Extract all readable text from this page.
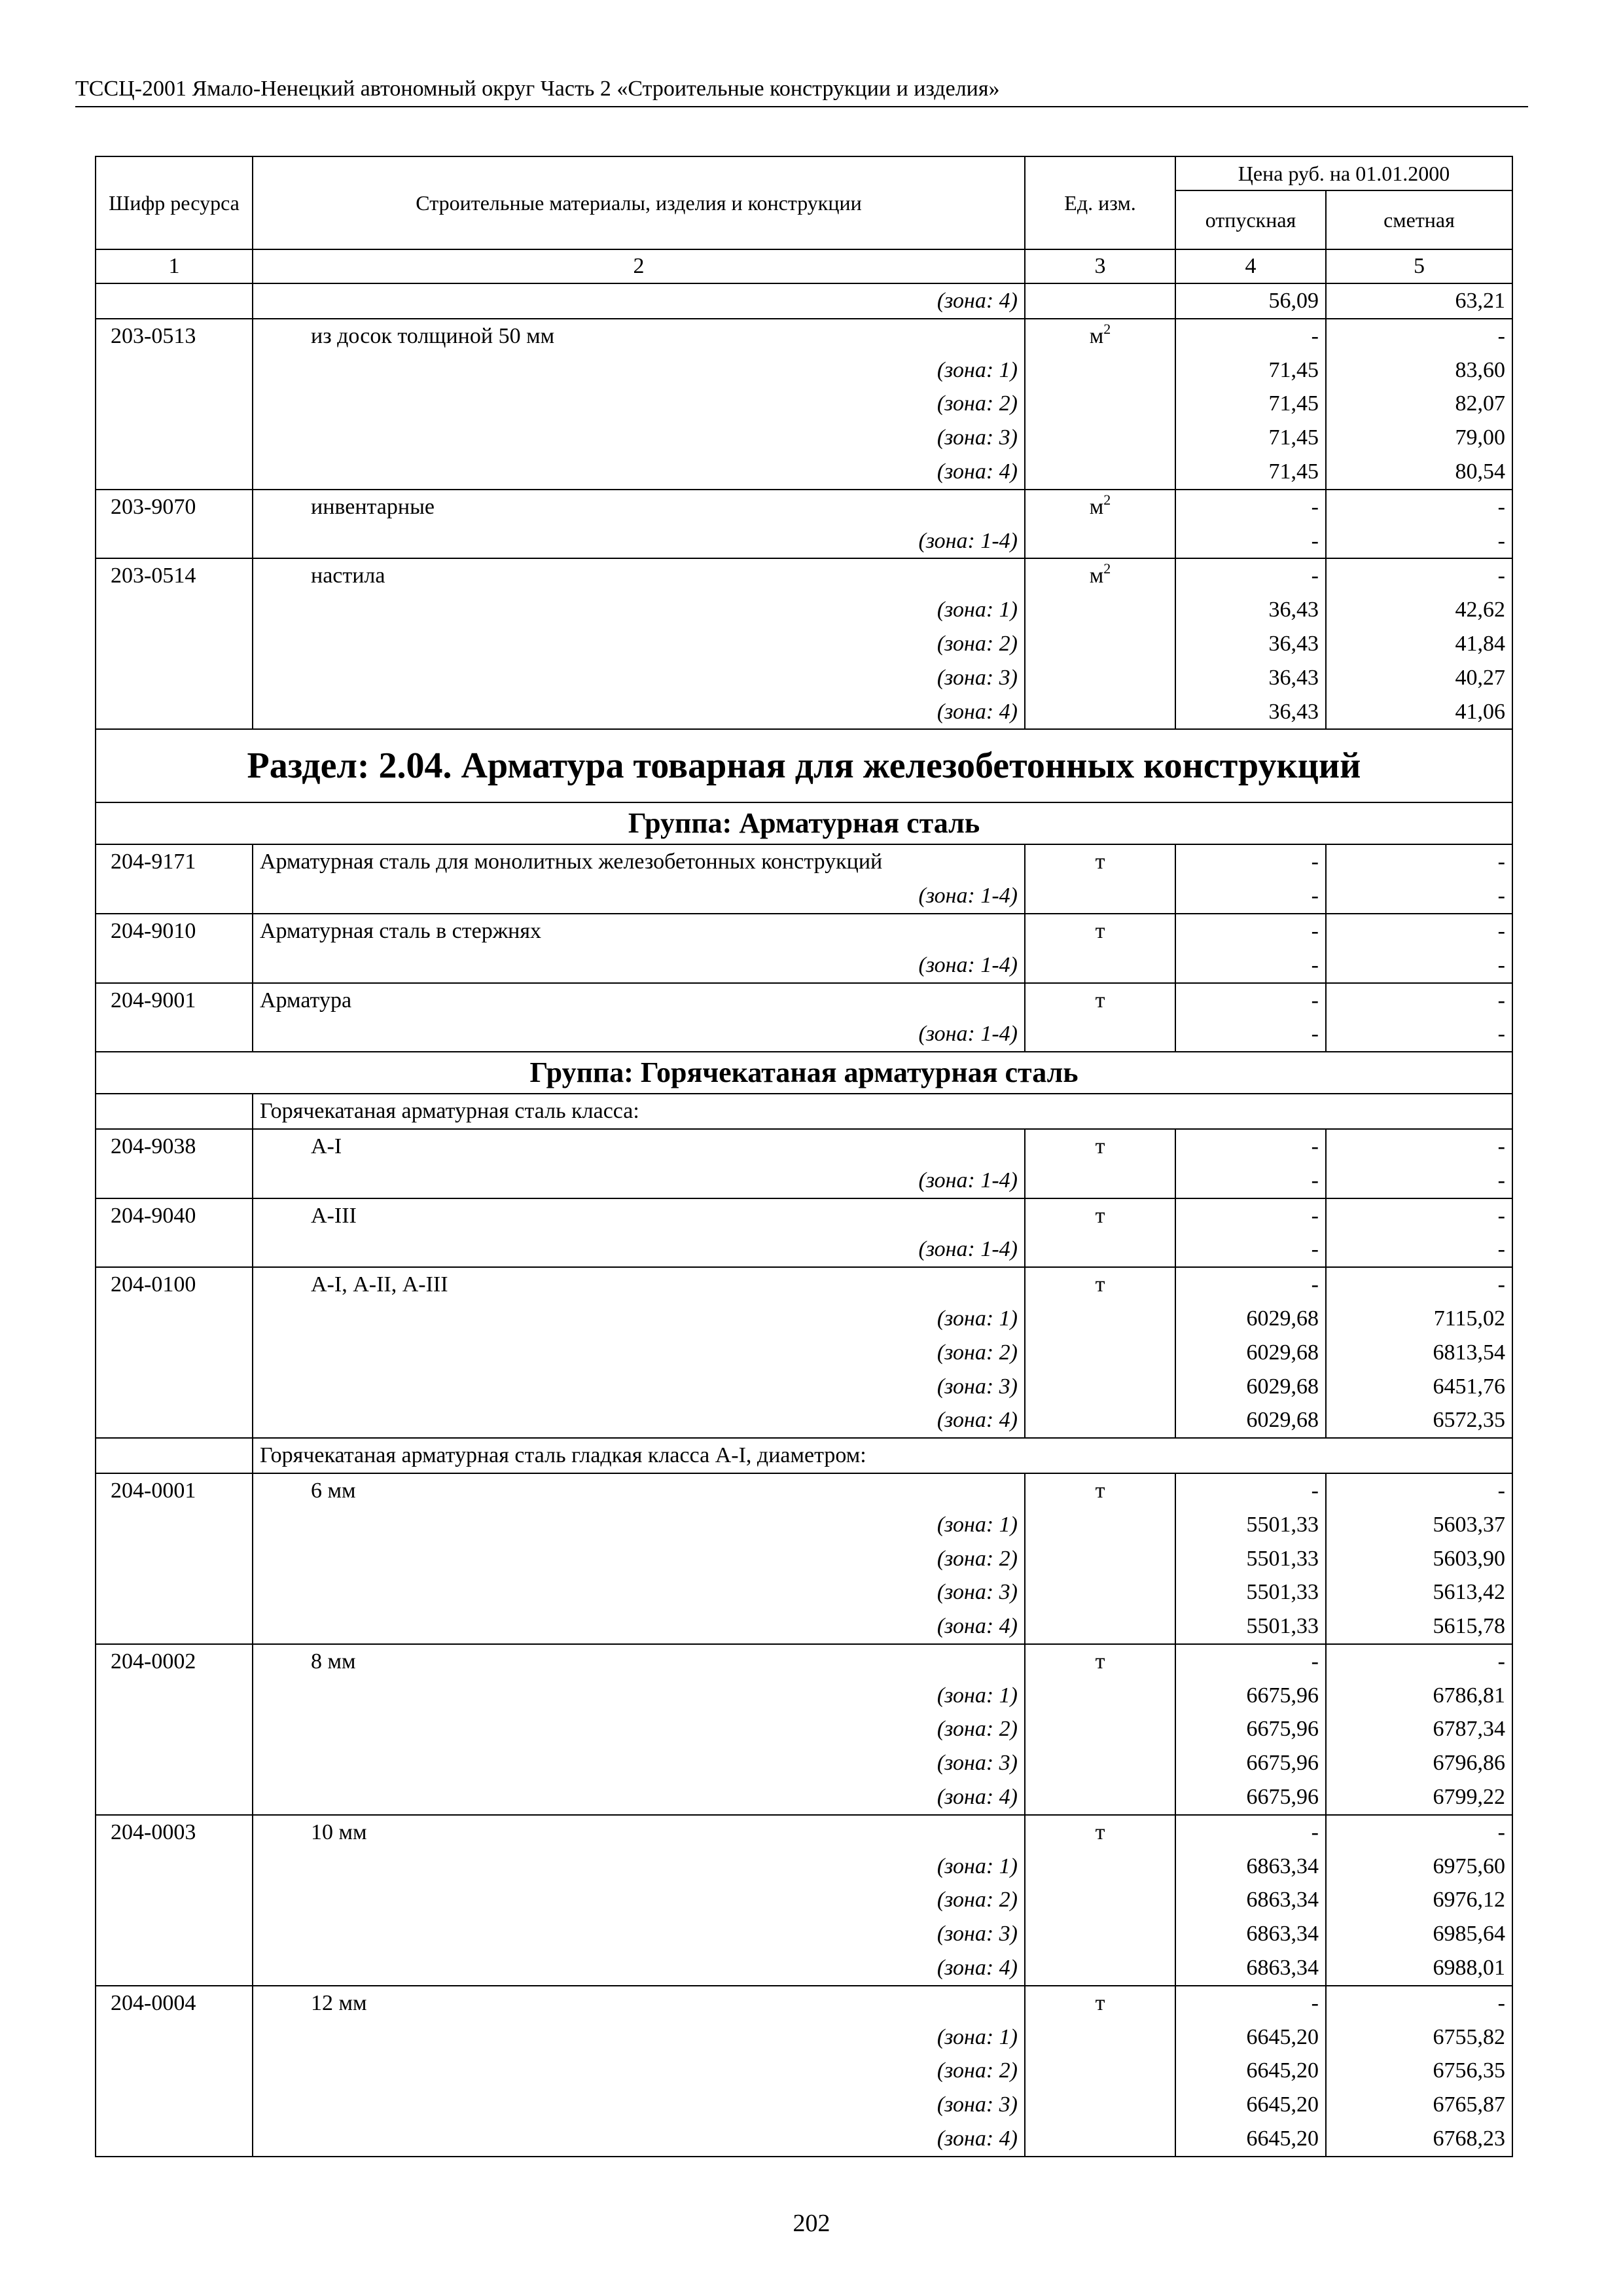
ТССЦ-2001 Ямало-Ненецкий автономный округ Часть 2 «Строительные конструкции и изделия»
Шифр ресурса	Строительные материалы, изделия и конструкции	Ед. изм.	Цена руб. на 01.01.2000	
			отпускная	сметная
1	2	3	4	5

	(зона: 4)		56,09	63,21
203-0513	из досок толщиной 50 мм	$м^2$	-	-

	(зона: 1)		71,45	83,60

	(зона: 2)		71,45	82,07

	(зона: 3)		71,45	79,00

	(зона: 4)		71,45	80,54
203-9070	инвентарные	$м^2$	-	-

	(зона: 1-4)		-	-
203-0514	настила	$м^2$	-	-

	(зона: 1)		36,43	42,62

	(зона: 2)		36,43	41,84

	(зона: 3)		36,43	40,27

	(зона: 4)		36,43	41,06
Раздел: 2.04. Арматура товарная для железобетонных конструкций				
Группа: Арматурная сталь				
204-9171	Арматурная сталь для монолитных железобетонных конструкций	т	-	-

	(зона: 1-4)		-	-
204-9010	Арматурная сталь в стержнях	т	-	-

	(зона: 1-4)		-	-
204-9001	Арматура	т	-	-

	(зона: 1-4)		-	-
Группа: Горячекатаная арматурная сталь				
	Горячекатаная арматурная сталь класса:			
204-9038	А-I	т	-	-

	(зона: 1-4)		-	-
204-9040	А-III	т	-	-

	(зона: 1-4)		-	-
204-0100	А-I, А-II, А-III	т	-	-

	(зона: 1)		6029,68	7115,02

	(зона: 2)		6029,68	6813,54

	(зона: 3)		6029,68	6451,76

	(зона: 4)		6029,68	6572,35
	Горячекатаная арматурная сталь гладкая класса А-I, диаметром:			
204-0001	6 мм	т	-	-

	(зона: 1)		5501,33	5603,37

	(зона: 2)		5501,33	5603,90

	(зона: 3)		5501,33	5613,42

	(зона: 4)		5501,33	5615,78
204-0002	8 мм	т	-	-

	(зона: 1)		6675,96	6786,81

	(зона: 2)		6675,96	6787,34

	(зона: 3)		6675,96	6796,86

	(зона: 4)		6675,96	6799,22
204-0003	10 мм	т	-	-

	(зона: 1)		6863,34	6975,60

	(зона: 2)		6863,34	6976,12

	(зона: 3)		6863,34	6985,64

	(зона: 4)		6863,34	6988,01
204-0004	12 мм	т	-	-

	(зона: 1)		6645,20	6755,82

	(зона: 2)		6645,20	6756,35

	(зона: 3)		6645,20	6765,87

	(зона: 4)		6645,20	6768,23
202
